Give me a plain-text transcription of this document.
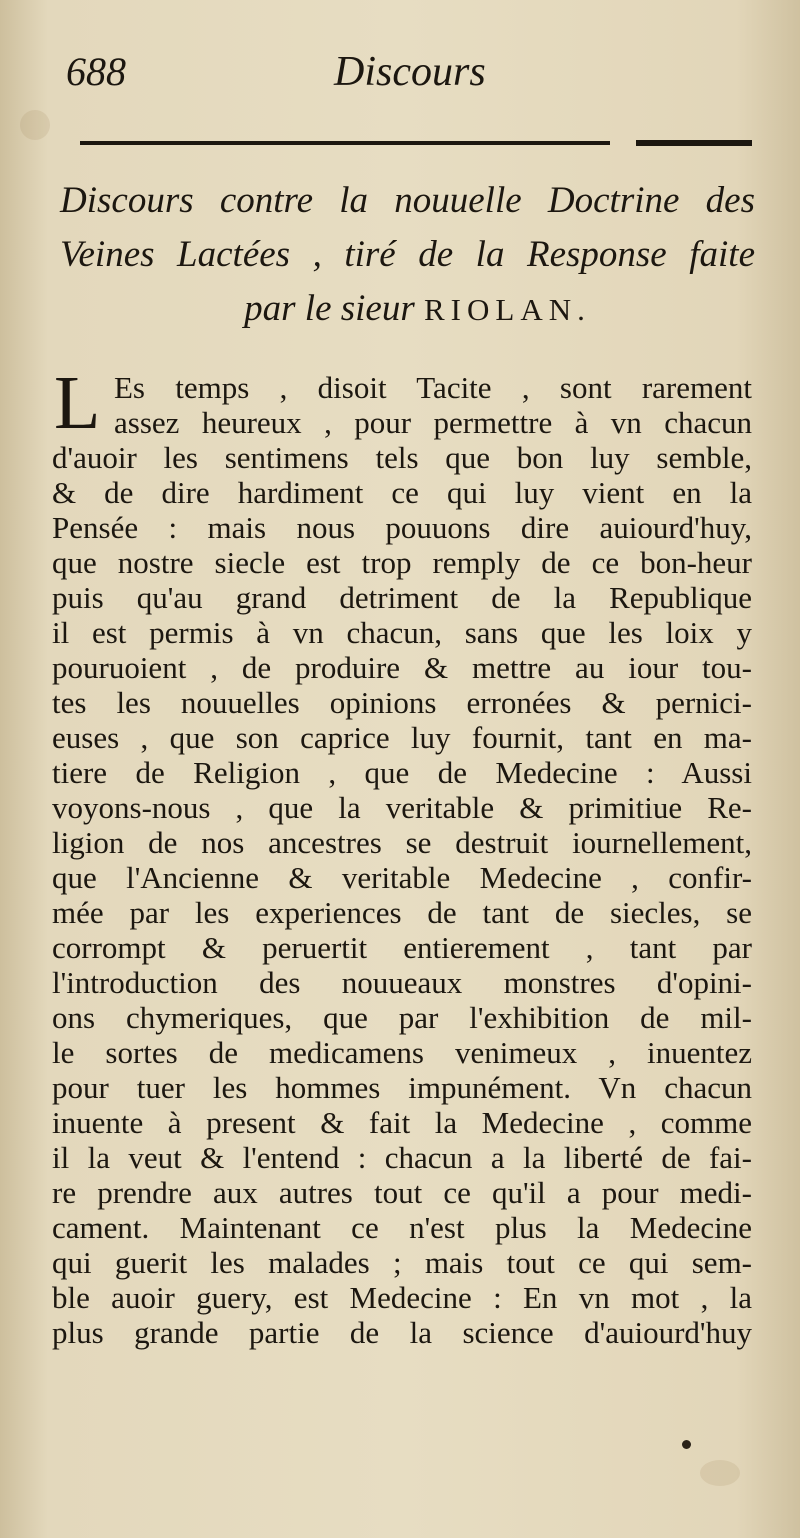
688	Discours
Discours contre la nouuelle Doctrine des
Veines Lactées , tiré de la Response faite
par le sieur RIOLAN.
L Es temps , disoit Tacite , sont rarement
assez heureux , pour permettre à vn chacun
d'auoir les sentimens tels que bon luy semble,
& de dire hardiment ce qui luy vient en la
Pensée : mais nous pouuons dire auiourd'huy,
que nostre siecle est trop remply de ce bon-heur
puis qu'au grand detriment de la Republique
il est permis à vn chacun, sans que les loix y
pouruoient , de produire & mettre au iour tou-
tes les nouuelles opinions erronées & pernici-
euses , que son caprice luy fournit, tant en ma-
tiere de Religion , que de Medecine : Aussi
voyons-nous , que la veritable & primitiue Re-
ligion de nos ancestres se destruit iournellement,
que l'Ancienne & veritable Medecine , confir-
mée par les experiences de tant de siecles, se
corrompt & peruertit entierement , tant par
l'introduction des nouueaux monstres d'opini-
ons chymeriques, que par l'exhibition de mil-
le sortes de medicamens venimeux , inuentez
pour tuer les hommes impunément. Vn chacun
inuente à present & fait la Medecine , comme
il la veut & l'entend : chacun a la liberté de fai-
re prendre aux autres tout ce qu'il a pour medi-
cament. Maintenant ce n'est plus la Medecine
qui guerit les malades ; mais tout ce qui sem-
ble auoir guery, est Medecine : En vn mot , la
plus grande partie de la science d'auiourd'huy
